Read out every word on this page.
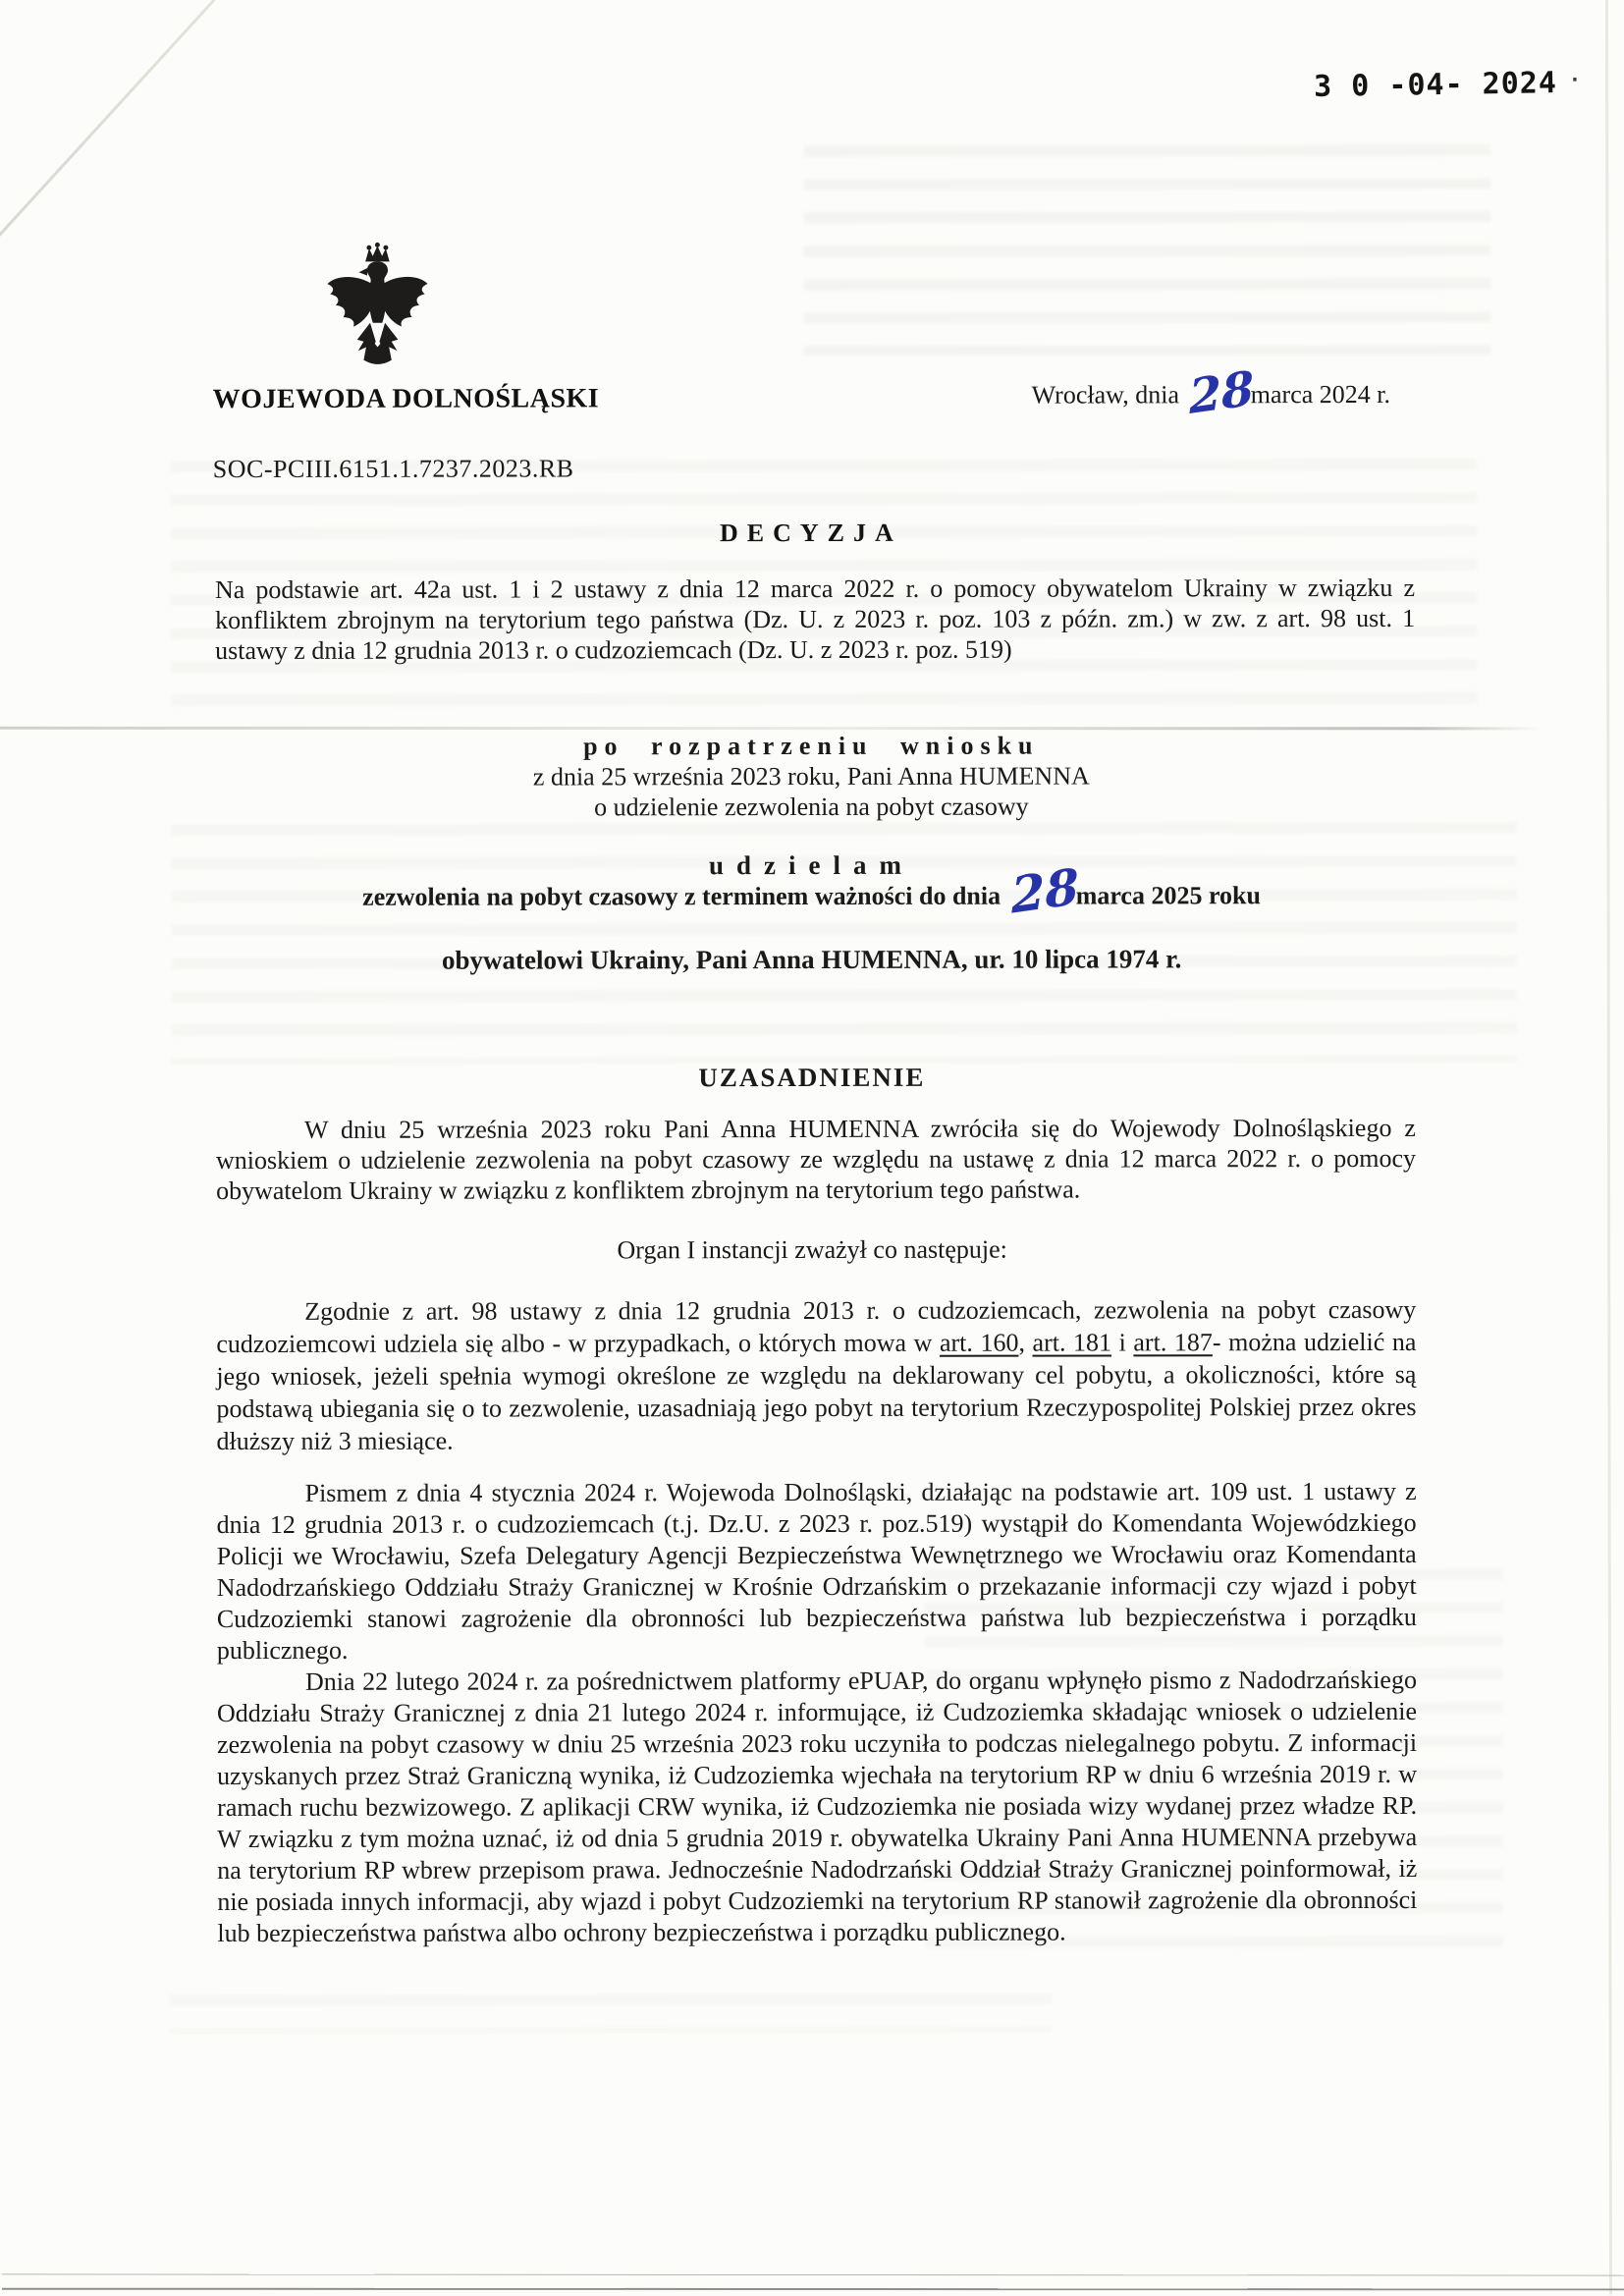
3 0 -04- 2024 ·
WOJEWODA DOLNOŚLĄSKI	Wrocław, dnia 28marca 2024 r.
SOC-PCIII.6151.1.7237.2023.RB
DECYZJA
Na podstawie art. 42a ust. 1 i 2 ustawy z dnia 12 marca 2022 r. o pomocy obywatelom Ukrainy w związku z konfliktem zbrojnym na terytorium tego państwa (Dz. U. z 2023 r. poz. 103 z późn. zm.) w zw. z art. 98 ust. 1 ustawy z dnia 12 grudnia 2013 r. o cudzoziemcach (Dz. U. z 2023 r. poz. 519)
po rozpatrzeniu wniosku
z dnia 25 września 2023 roku, Pani Anna HUMENNA
o udzielenie zezwolenia na pobyt czasowy
udzielam
zezwolenia na pobyt czasowy z terminem ważności do dnia 28marca 2025 roku
obywatelowi Ukrainy, Pani Anna HUMENNA, ur. 10 lipca 1974 r.
UZASADNIENIE
W dniu 25 września 2023 roku Pani Anna HUMENNA zwróciła się do Wojewody Dolnośląskiego z wnioskiem o udzielenie zezwolenia na pobyt czasowy ze względu na ustawę z dnia 12 marca 2022 r. o pomocy obywatelom Ukrainy w związku z konfliktem zbrojnym na terytorium tego państwa.
Organ I instancji zważył co następuje:
Zgodnie z art. 98 ustawy z dnia 12 grudnia 2013 r. o cudzoziemcach, zezwolenia na pobyt czasowy cudzoziemcowi udziela się albo - w przypadkach, o których mowa w art. 160, art. 181 i art. 187- można udzielić na jego wniosek, jeżeli spełnia wymogi określone ze względu na deklarowany cel pobytu, a okoliczności, które są podstawą ubiegania się o to zezwolenie, uzasadniają jego pobyt na terytorium Rzeczypospolitej Polskiej przez okres dłuższy niż 3 miesiące.
Pismem z dnia 4 stycznia 2024 r. Wojewoda Dolnośląski, działając na podstawie art. 109 ust. 1 ustawy z dnia 12 grudnia 2013 r. o cudzoziemcach (t.j. Dz.U. z 2023 r. poz.519) wystąpił do Komendanta Wojewódzkiego Policji we Wrocławiu, Szefa Delegatury Agencji Bezpieczeństwa Wewnętrznego we Wrocławiu oraz Komendanta Nadodrzańskiego Oddziału Straży Granicznej w Krośnie Odrzańskim o przekazanie informacji czy wjazd i pobyt Cudzoziemki stanowi zagrożenie dla obronności lub bezpieczeństwa państwa lub bezpieczeństwa i porządku publicznego.
Dnia 22 lutego 2024 r. za pośrednictwem platformy ePUAP, do organu wpłynęło pismo z Nadodrzańskiego Oddziału Straży Granicznej z dnia 21 lutego 2024 r. informujące, iż Cudzoziemka składając wniosek o udzielenie zezwolenia na pobyt czasowy w dniu 25 września 2023 roku uczyniła to podczas nielegalnego pobytu. Z informacji uzyskanych przez Straż Graniczną wynika, iż Cudzoziemka wjechała na terytorium RP w dniu 6 września 2019 r. w ramach ruchu bezwizowego. Z aplikacji CRW wynika, iż Cudzoziemka nie posiada wizy wydanej przez władze RP. W związku z tym można uznać, iż od dnia 5 grudnia 2019 r. obywatelka Ukrainy Pani Anna HUMENNA przebywa na terytorium RP wbrew przepisom prawa. Jednocześnie Nadodrzański Oddział Straży Granicznej poinformował, iż nie posiada innych informacji, aby wjazd i pobyt Cudzoziemki na terytorium RP stanowił zagrożenie dla obronności lub bezpieczeństwa państwa albo ochrony bezpieczeństwa i porządku publicznego.
